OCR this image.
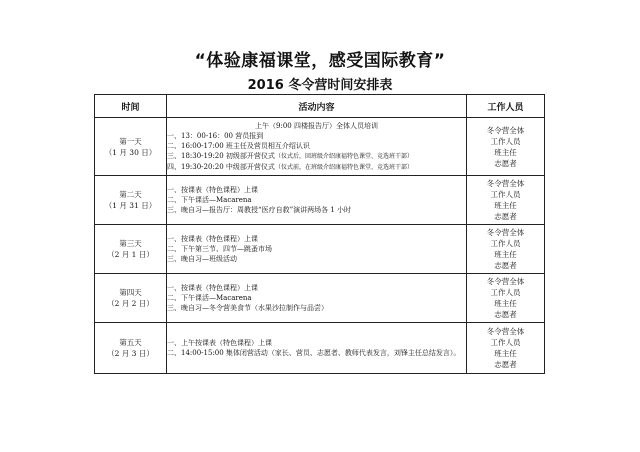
“体验康福课堂，感受国际教育”
2016 冬令营时间安排表
时间	活动内容	工作人员

第一天
（1 月 30 日）	上午（9:00 四楼报告厅）全体人员培训
一、13：00-16：00 营员报到
二、16:00-17:00 班主任及营员相互介绍认识
三、18:30-19:20 初级部开营仪式（仪式后，回班级介绍康福特色课堂、竞选班干部）
四、19:30-20:20 中级部开营仪式（仪式前，在班级介绍康福特色课堂、竞选班干部）	冬令营全体
工作人员
班主任
志愿者

第二天
（1 月 31 日）	一、按课表（特色课程）上课
二、下午课活—Macarena
三、晚自习—报告厅：周教授“医疗自救”演讲两场各 1 小时	冬令营全体
工作人员
班主任
志愿者

第三天
（2 月 1 日）	一、按课表（特色课程）上课
二、下午第三节、四节—跳蚤市场
三、晚自习—班级活动	冬令营全体
工作人员
班主任
志愿者

第四天
（2 月 2 日）	一、按课表（特色课程）上课
二、下午课活—Macarena
三、晚自习—冬令营美食节（水果沙拉制作与品尝）	冬令营全体
工作人员
班主任
志愿者

第五天
（2 月 3 日）	一、上午按课表（特色课程）上课
二、14:00-15:00 集体闭营活动（家长、营员、志愿者、教师代表发言，刘锋主任总结发言）。	冬令营全体
工作人员
班主任
志愿者
